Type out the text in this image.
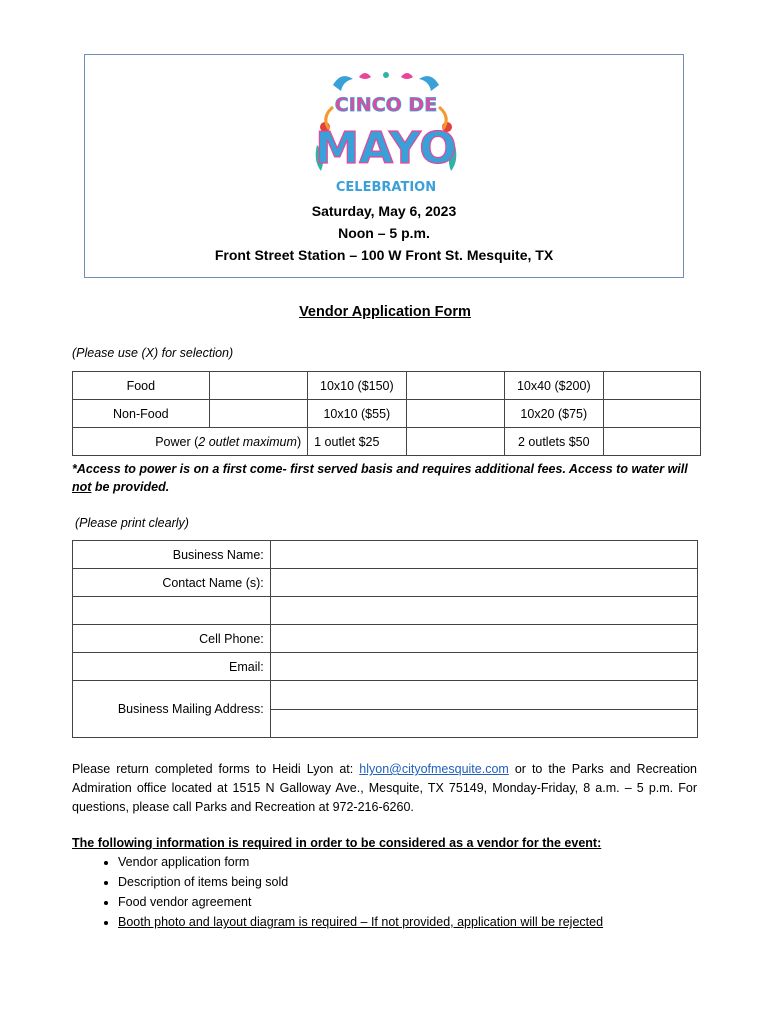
CINCO DE
MAYO
CELEBRATION
Saturday, May 6, 2023
Noon – 5 p.m.
Front Street Station – 100 W Front St. Mesquite, TX
Vendor Application Form
(Please use (X) for selection)
Food		10x10 ($150)		10x40 ($200)	
Non-Food		10x10 ($55)		10x20 ($75)	
Power (2 outlet maximum)		1 outlet $25		2 outlets $50	
*Access to power is on a first come- first served basis and requires additional fees. Access to water will not be provided.
(Please print clearly)
Business Name:	
Contact Name (s):	

Cell Phone:	
Email:	
Business Mailing Address:	

Please return completed forms to Heidi Lyon at: hlyon@cityofmesquite.com or to the Parks and Recreation Admiration office located at 1515 N Galloway Ave., Mesquite, TX 75149, Monday-Friday, 8 a.m. – 5 p.m. For questions, please call Parks and Recreation at 972-216-6260.
The following information is required in order to be considered as a vendor for the event:
• Vendor application form
• Description of items being sold
• Food vendor agreement
• Booth photo and layout diagram is required – If not provided, application will be rejected
